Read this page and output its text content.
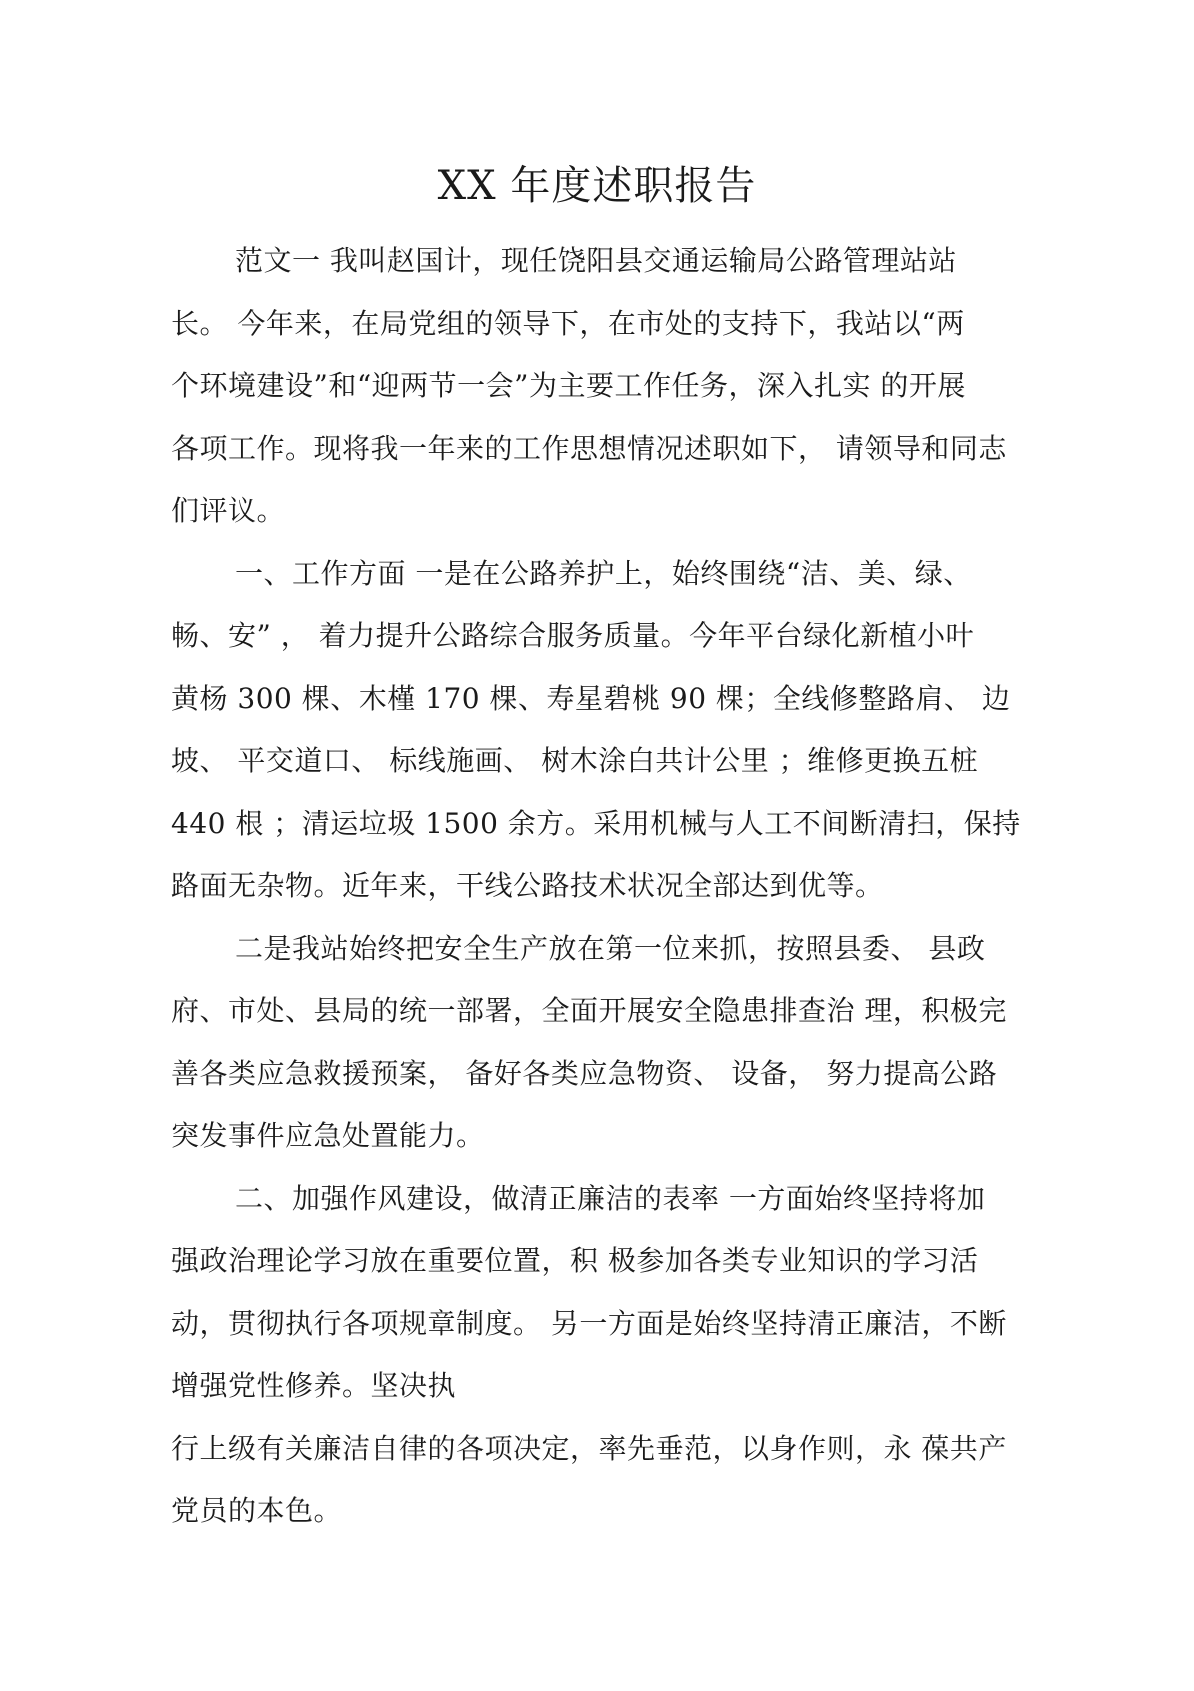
XX 年度述职报告
范文一 我叫赵国计，现任饶阳县交通运输局公路管理站站
长。 今年来，在局党组的领导下，在市处的支持下，我站以“两
个环境建设”和“迎两节一会”为主要工作任务，深入扎实 的开展
各项工作。现将我一年来的工作思想情况述职如下， 请领导和同志
们评议。
一、工作方面 一是在公路养护上，始终围绕“洁、美、绿、
畅、安” ， 着力提升公路综合服务质量。今年平台绿化新植小叶
黄杨 300 棵、木槿 170 棵、寿星碧桃 90 棵；全线修整路肩、 边
坡、 平交道口、 标线施画、 树木涂白共计公里 ；维修更换五桩
440 根 ；清运垃圾 1500 余方。采用机械与人工不间断清扫，保持
路面无杂物。近年来，干线公路技术状况全部达到优等。
二是我站始终把安全生产放在第一位来抓，按照县委、 县政
府、市处、县局的统一部署，全面开展安全隐患排查治 理，积极完
善各类应急救援预案， 备好各类应急物资、 设备， 努力提高公路
突发事件应急处置能力。
二、加强作风建设，做清正廉洁的表率 一方面始终坚持将加
强政治理论学习放在重要位置，积 极参加各类专业知识的学习活
动，贯彻执行各项规章制度。 另一方面是始终坚持清正廉洁，不断
增强党性修养。坚决执
行上级有关廉洁自律的各项决定，率先垂范，以身作则，永 葆共产
党员的本色。
